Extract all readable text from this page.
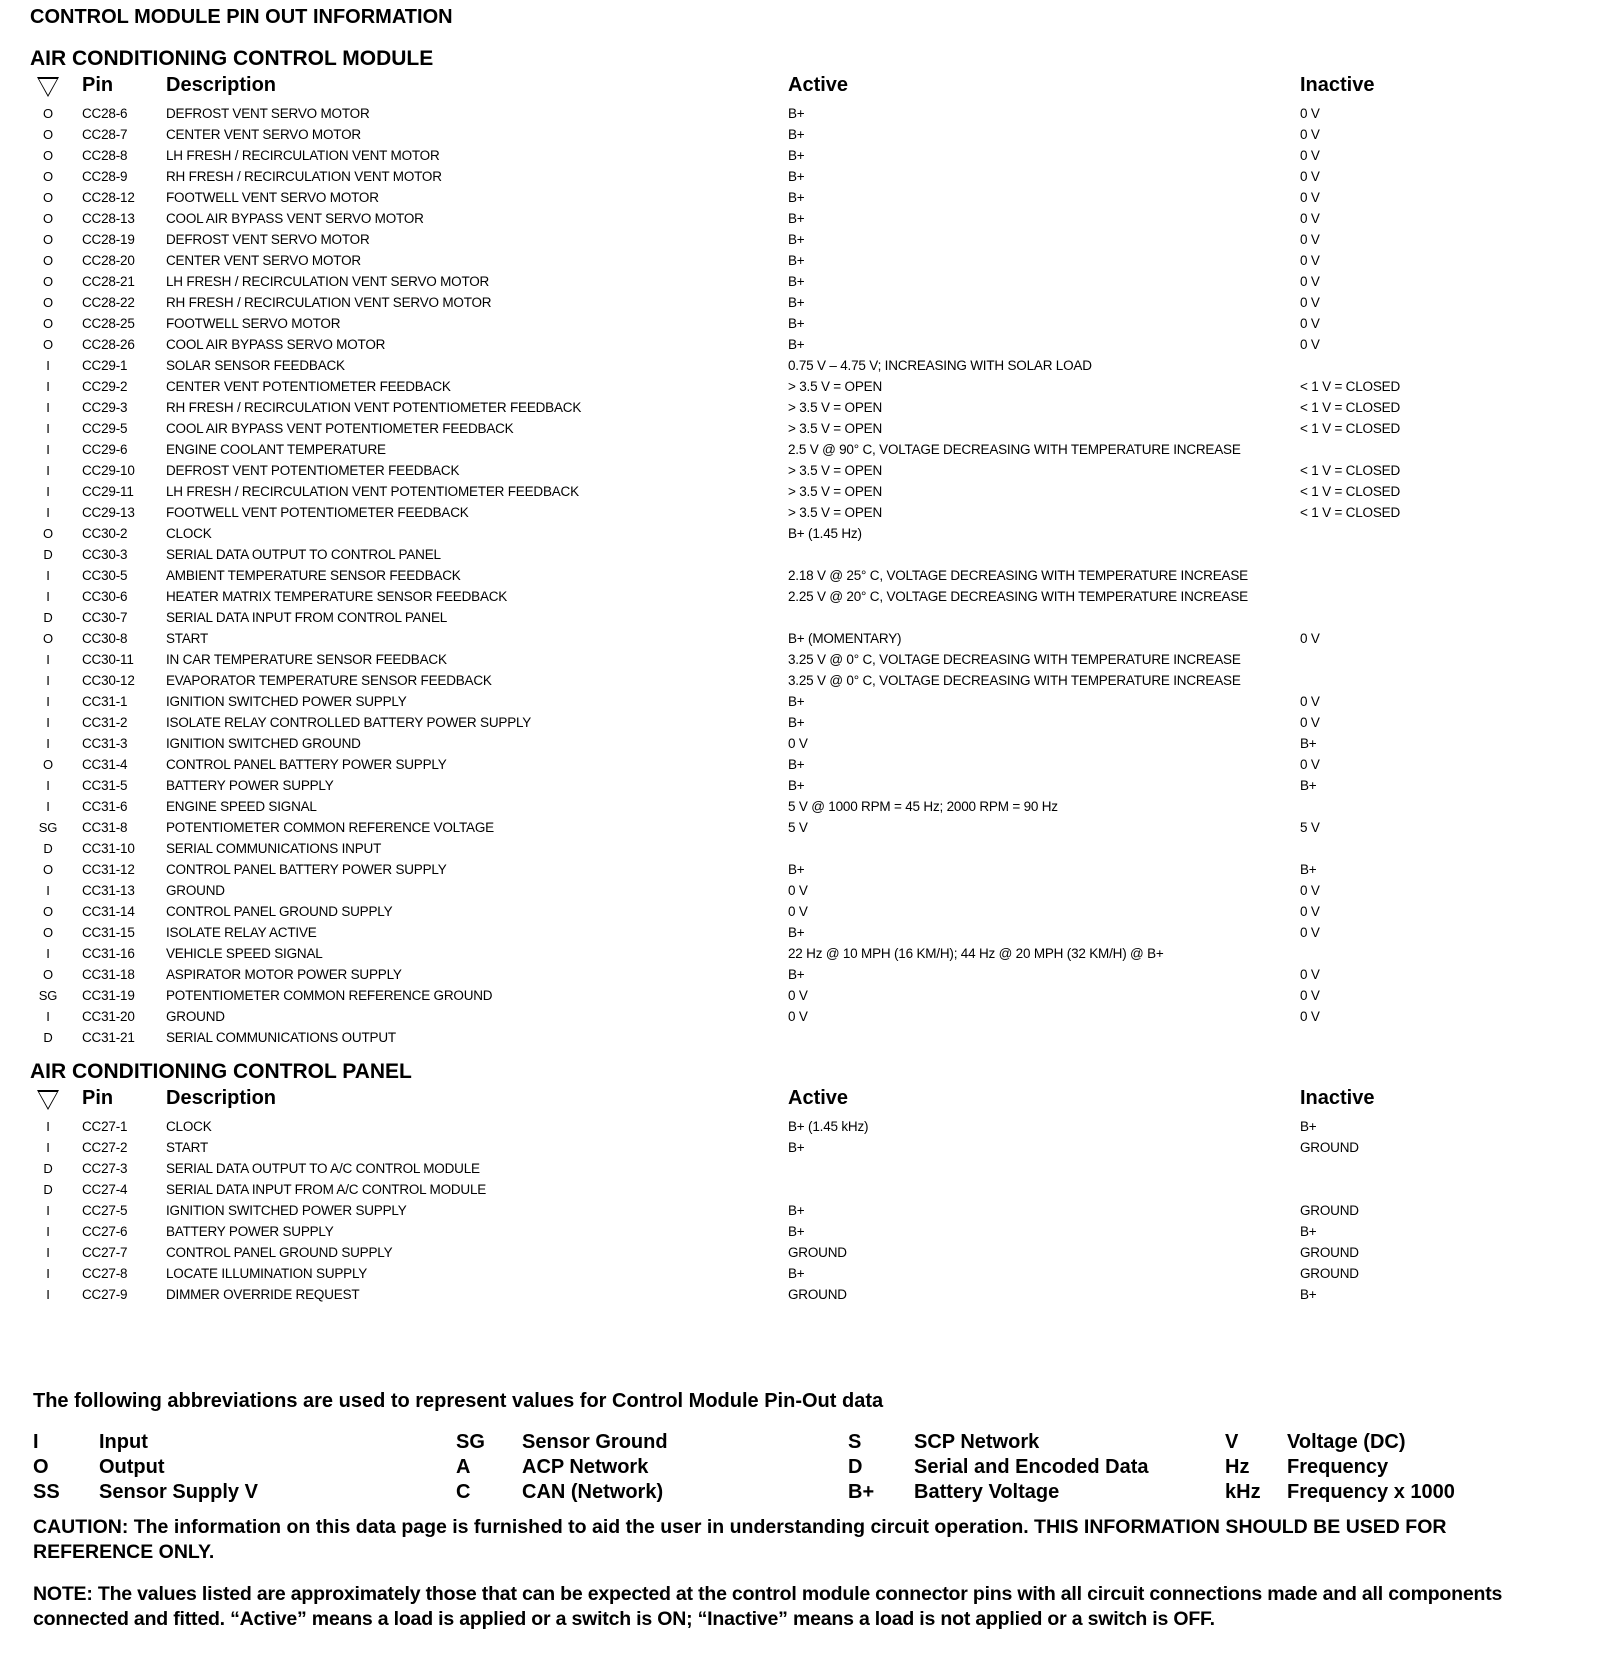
CONTROL MODULE PIN OUT INFORMATION
AIR CONDITIONING CONTROL MODULE
Pin	Description	Active	Inactive
O	CC28-6	DEFROST VENT SERVO MOTOR	B+	0 V
O	CC28-7	CENTER VENT SERVO MOTOR	B+	0 V
O	CC28-8	LH FRESH / RECIRCULATION VENT MOTOR	B+	0 V
O	CC28-9	RH FRESH / RECIRCULATION VENT MOTOR	B+	0 V
O	CC28-12 FOOTWELL VENT SERVO MOTOR	B+	0 V
O	CC28-13 COOL AIR BYPASS VENT SERVO MOTOR	B+	0 V
O	CC28-19 DEFROST VENT SERVO MOTOR	B+	0 V
O	CC28-20 CENTER VENT SERVO MOTOR	B+	0 V
O	CC28-21 LH FRESH / RECIRCULATION VENT SERVO MOTOR	B+	0 V
O	CC28-22 RH FRESH / RECIRCULATION VENT SERVO MOTOR	B+	0 V
O	CC28-25 FOOTWELL SERVO MOTOR	B+	0 V
O	CC28-26 COOL AIR BYPASS SERVO MOTOR	B+	0 V
I	CC29-1	SOLAR SENSOR FEEDBACK	0.75 V – 4.75 V; INCREASING WITH SOLAR LOAD
I	CC29-2	CENTER VENT POTENTIOMETER FEEDBACK	> 3.5 V = OPEN	< 1 V = CLOSED
I	CC29-3	RH FRESH / RECIRCULATION VENT POTENTIOMETER FEEDBACK	> 3.5 V = OPEN	< 1 V = CLOSED
I	CC29-5	COOL AIR BYPASS VENT POTENTIOMETER FEEDBACK	> 3.5 V = OPEN	< 1 V = CLOSED
I	CC29-6	ENGINE COOLANT TEMPERATURE	2.5 V @ 90° C, VOLTAGE DECREASING WITH TEMPERATURE INCREASE
I	CC29-10 DEFROST VENT POTENTIOMETER FEEDBACK	> 3.5 V = OPEN	< 1 V = CLOSED
I	CC29-11 LH FRESH / RECIRCULATION VENT POTENTIOMETER FEEDBACK	> 3.5 V = OPEN	< 1 V = CLOSED
I	CC29-13 FOOTWELL VENT POTENTIOMETER FEEDBACK	> 3.5 V = OPEN	< 1 V = CLOSED
O	CC30-2	CLOCK	B+ (1.45 Hz)
D	CC30-3	SERIAL DATA OUTPUT TO CONTROL PANEL
I	CC30-5	AMBIENT TEMPERATURE SENSOR FEEDBACK	2.18 V @ 25° C, VOLTAGE DECREASING WITH TEMPERATURE INCREASE
I	CC30-6	HEATER MATRIX TEMPERATURE SENSOR FEEDBACK	2.25 V @ 20° C, VOLTAGE DECREASING WITH TEMPERATURE INCREASE
D	CC30-7	SERIAL DATA INPUT FROM CONTROL PANEL
O	CC30-8	START	B+ (MOMENTARY)	0 V
I	CC30-11 IN CAR TEMPERATURE SENSOR FEEDBACK	3.25 V @ 0° C, VOLTAGE DECREASING WITH TEMPERATURE INCREASE
I	CC30-12 EVAPORATOR TEMPERATURE SENSOR FEEDBACK	3.25 V @ 0° C, VOLTAGE DECREASING WITH TEMPERATURE INCREASE
I	CC31-1	IGNITION SWITCHED POWER SUPPLY	B+	0 V
I	CC31-2	ISOLATE RELAY CONTROLLED BATTERY POWER SUPPLY	B+	0 V
I	CC31-3	IGNITION SWITCHED GROUND	0 V	B+
O	CC31-4	CONTROL PANEL BATTERY POWER SUPPLY	B+	0 V
I	CC31-5	BATTERY POWER SUPPLY	B+	B+
I	CC31-6	ENGINE SPEED SIGNAL	5 V @ 1000 RPM = 45 Hz; 2000 RPM = 90 Hz
SG	CC31-8	POTENTIOMETER COMMON REFERENCE VOLTAGE	5 V	5 V
D	CC31-10 SERIAL COMMUNICATIONS INPUT
O	CC31-12 CONTROL PANEL BATTERY POWER SUPPLY	B+	B+
I	CC31-13 GROUND	0 V	0 V
O	CC31-14 CONTROL PANEL GROUND SUPPLY	0 V	0 V
O	CC31-15 ISOLATE RELAY ACTIVE	B+	0 V
I	CC31-16 VEHICLE SPEED SIGNAL	22 Hz @ 10 MPH (16 KM/H); 44 Hz @ 20 MPH (32 KM/H) @ B+
O	CC31-18 ASPIRATOR MOTOR POWER SUPPLY	B+	0 V
SG	CC31-19 POTENTIOMETER COMMON REFERENCE GROUND	0 V	0 V
I	CC31-20 GROUND	0 V	0 V
D	CC31-21 SERIAL COMMUNICATIONS OUTPUT
AIR CONDITIONING CONTROL PANEL
Pin	Description	Active	Inactive
I	CC27-1	CLOCK	B+ (1.45 kHz)	B+
I	CC27-2	START	B+	GROUND
D	CC27-3	SERIAL DATA OUTPUT TO A/C CONTROL MODULE
D	CC27-4	SERIAL DATA INPUT FROM A/C CONTROL MODULE
I	CC27-5	IGNITION SWITCHED POWER SUPPLY	B+	GROUND
I	CC27-6	BATTERY POWER SUPPLY	B+	B+
I	CC27-7	CONTROL PANEL GROUND SUPPLY	GROUND	GROUND
I	CC27-8	LOCATE ILLUMINATION SUPPLY	B+	GROUND
I	CC27-9	DIMMER OVERRIDE REQUEST	GROUND	B+
The following abbreviations are used to represent values for Control Module Pin-Out data
I	Input
O	Output
SS Sensor Supply V
SG Sensor Ground
A	ACP Network
C	CAN (Network)
S	SCP Network
D	Serial and Encoded Data
B+ Battery Voltage
V Voltage (DC)
Hz Frequency
kHz Frequency x 1000
CAUTION: The information on this data page is furnished to aid the user in understanding circuit operation. THIS INFORMATION SHOULD BE USED FOR REFERENCE ONLY.
NOTE: The values listed are approximately those that can be expected at the control module connector pins with all circuit connections made and all components connected and fitted. “Active” means a load is applied or a switch is ON; “Inactive” means a load is not applied or a switch is OFF.
